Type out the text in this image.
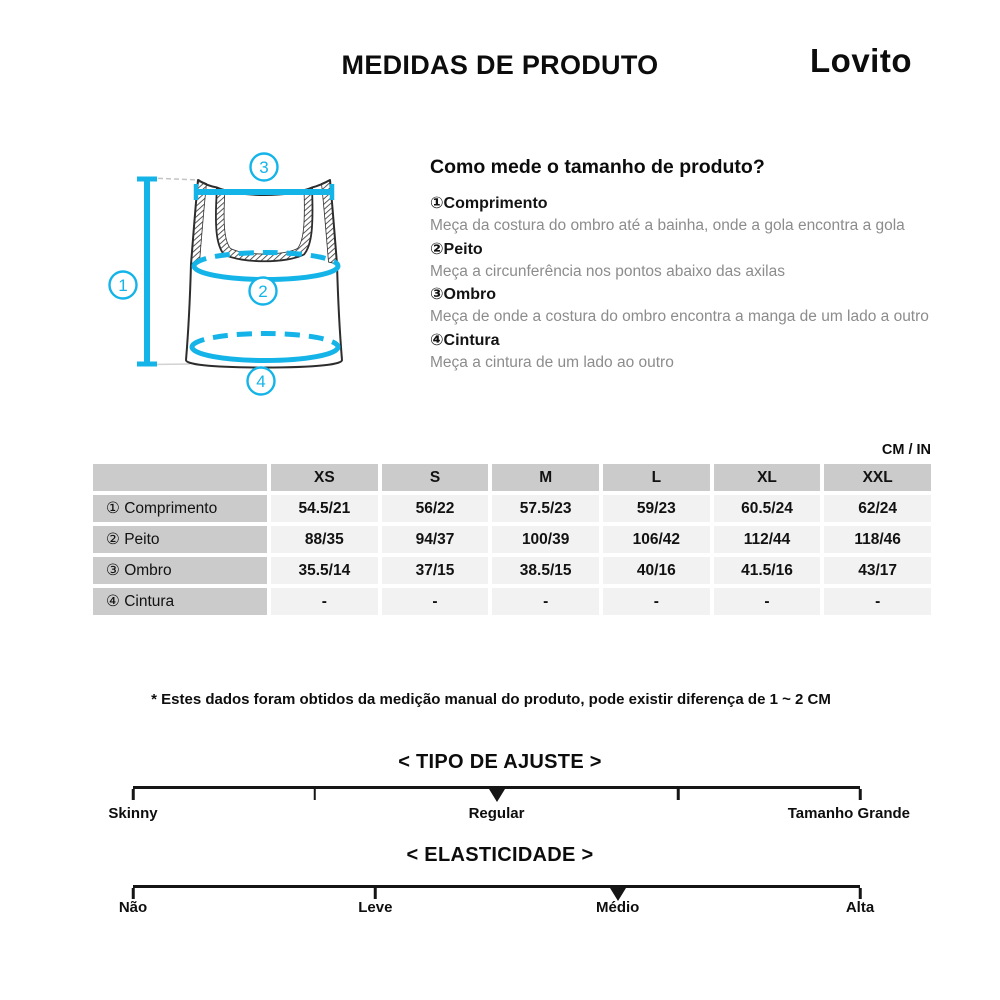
MEDIDAS DE PRODUTO	Lovito
1	2
3
4
Como mede o tamanho de produto?
①Comprimento
Meça da costura do ombro até a bainha, onde a gola encontra a gola
②Peito
Meça a circunferência nos pontos abaixo das axilas
③Ombro
Meça de onde a costura do ombro encontra a manga de um lado a outro
④Cintura
Meça a cintura de um lado ao outro
CM / IN
XS	S	M	L	XL	XXL
① Comprimento	54.5/21	56/22	57.5/23	59/23	60.5/24	62/24
② Peito	88/35	94/37	100/39	106/42	112/44	118/46
③ Ombro	35.5/14	37/15	38.5/15	40/16	41.5/16	43/17
④ Cintura	-	-	-	-	-	-
* Estes dados foram obtidos da medição manual do produto, pode existir diferença de 1 ~ 2 CM
< TIPO DE AJUSTE >
Skinny	Regular	Tamanho Grande
< ELASTICIDADE >
Não	Leve	Médio	Alta
